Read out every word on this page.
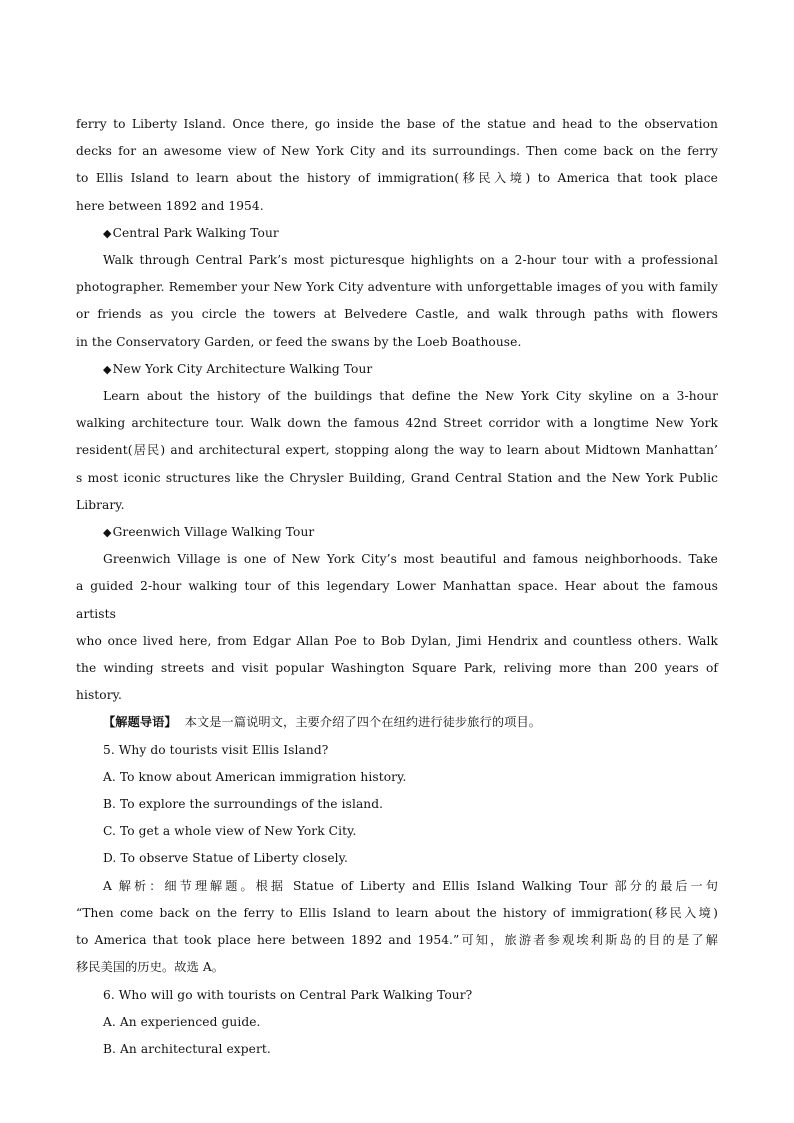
ferry to Liberty Island. Once there, go inside the base of the statue and head to the observation

decks for an awesome view of New York City and its surroundings. Then come back on the ferry

to Ellis Island to learn about the history of immigration(移民入境) to America that took place

here between 1892 and 1954.

◆Central Park Walking Tour

Walk through Central Park’s most picturesque highlights on a 2-hour tour with a professional

photographer. Remember your New York City adventure with unforgettable images of you with family

or friends as you circle the towers at Belvedere Castle, and walk through paths with flowers

in the Conservatory Garden, or feed the swans by the Loeb Boathouse.

◆New York City Architecture Walking Tour

Learn about the history of the buildings that define the New York City skyline on a 3-hour

walking architecture tour. Walk down the famous 42nd Street corridor with a longtime New York

resident(居民) and architectural expert, stopping along the way to learn about Midtown Manhattan’

s most iconic structures like the Chrysler Building, Grand Central Station and the New York Public

Library.

◆Greenwich Village Walking Tour

Greenwich Village is one of New York City’s most beautiful and famous neighborhoods. Take

a guided 2-hour walking tour of this legendary Lower Manhattan space. Hear about the famous artists

who once lived here, from Edgar Allan Poe to Bob Dylan, Jimi Hendrix and countless others. Walk

the winding streets and visit popular Washington Square Park, reliving more than 200 years of

history.

【解题导语】 本文是一篇说明文，主要介绍了四个在纽约进行徒步旅行的项目。

5. Why do tourists visit Ellis Island?

A. To know about American immigration history.

B. To explore the surroundings of the island.

C. To get a whole view of New York City.

D. To observe Statue of Liberty closely.

A 解析：细节理解题。根据 Statue of Liberty and Ellis Island Walking Tour 部分的最后一句

“Then come back on the ferry to Ellis Island to learn about the history of immigration(移民入境)

to America that took place here between 1892 and 1954.”可知，旅游者参观埃利斯岛的目的是了解

移民美国的历史。故选 A。

6. Who will go with tourists on Central Park Walking Tour?

A. An experienced guide.

B. An architectural expert.
